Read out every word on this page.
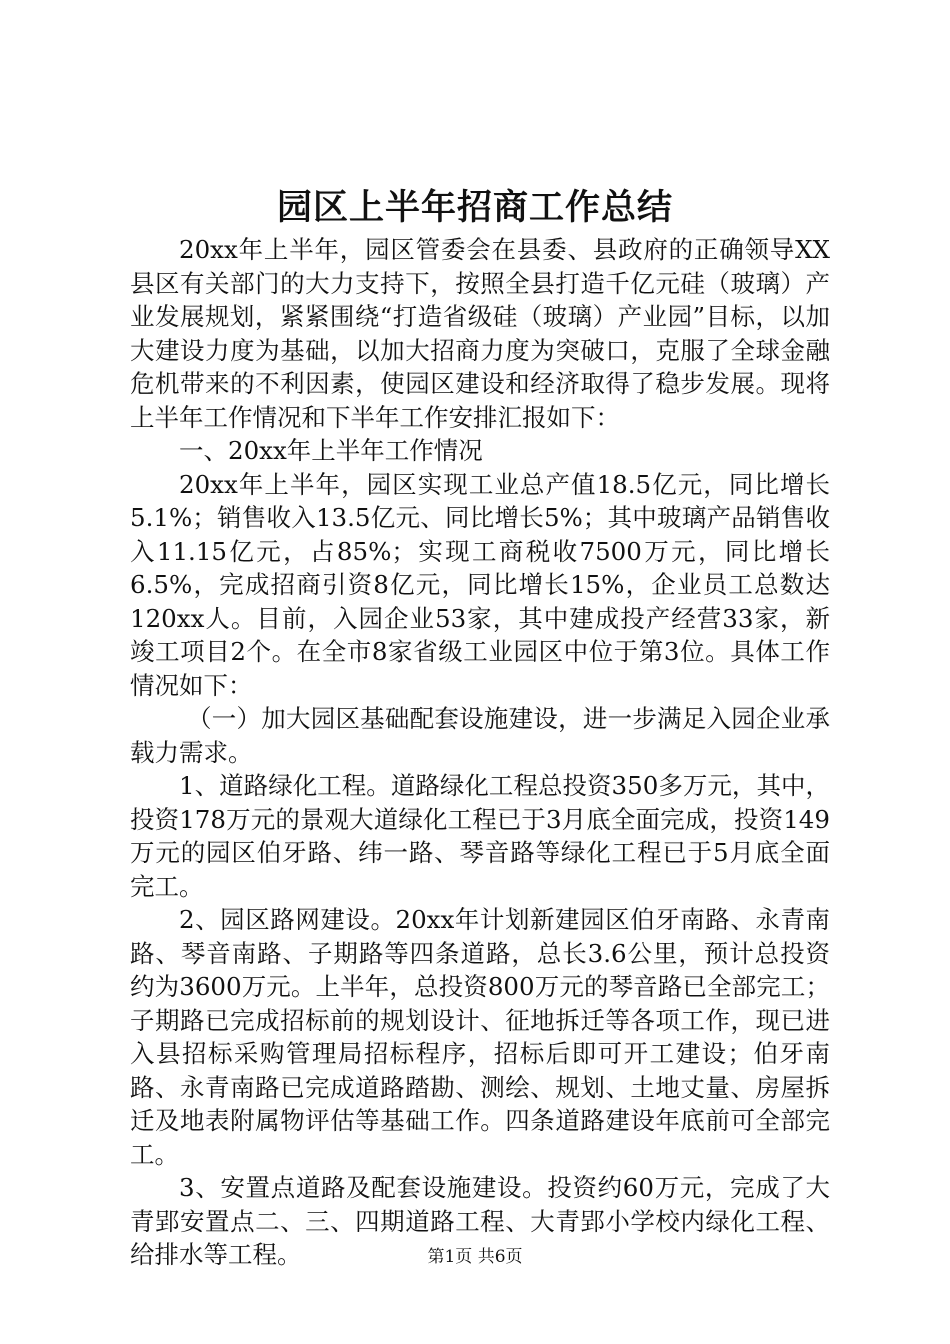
园区上半年招商工作总结

20xx年上半年，园区管委会在县委、县政府的正确领导XX县区有关部门的大力支持下，按照全县打造千亿元硅（玻璃）产业发展规划，紧紧围绕“打造省级硅（玻璃）产业园”目标，以加大建设力度为基础，以加大招商力度为突破口，克服了全球金融危机带来的不利因素，使园区建设和经济取得了稳步发展。现将上半年工作情况和下半年工作安排汇报如下：

一、20xx年上半年工作情况

20xx年上半年，园区实现工业总产值18.5亿元，同比增长5.1%；销售收入13.5亿元、同比增长5%；其中玻璃产品销售收入11.15亿元，占85%；实现工商税收7500万元，同比增长6.5%，完成招商引资8亿元，同比增长15%，企业员工总数达120xx人。目前，入园企业53家，其中建成投产经营33家，新竣工项目2个。在全市8家省级工业园区中位于第3位。具体工作情况如下：

（一）加大园区基础配套设施建设，进一步满足入园企业承载力需求。

1、道路绿化工程。道路绿化工程总投资350多万元，其中，投资178万元的景观大道绿化工程已于3月底全面完成，投资149万元的园区伯牙路、纬一路、琴音路等绿化工程已于5月底全面完工。

2、园区路网建设。20xx年计划新建园区伯牙南路、永青南路、琴音南路、子期路等四条道路，总长3.6公里，预计总投资约为3600万元。上半年，总投资800万元的琴音路已全部完工；子期路已完成招标前的规划设计、征地拆迁等各项工作，现已进入县招标采购管理局招标程序，招标后即可开工建设；伯牙南路、永青南路已完成道路踏勘、测绘、规划、土地丈量、房屋拆迁及地表附属物评估等基础工作。四条道路建设年底前可全部完工。

3、安置点道路及配套设施建设。投资约60万元，完成了大青郢安置点二、三、四期道路工程、大青郢小学校内绿化工程、给排水等工程。	第1页 共6页
